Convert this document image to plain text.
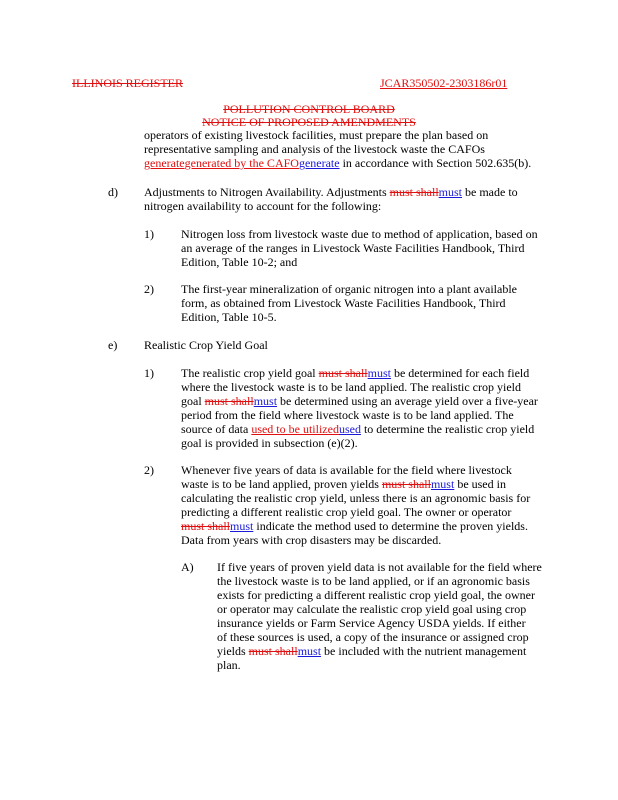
ILLINOIS REGISTER	JCAR350502-2303186r01
POLLUTION CONTROL BOARD
NOTICE OF PROPOSED AMENDMENTS
operators of existing livestock facilities, must prepare the plan based on
representative sampling and analysis of the livestock waste the CAFOs
generategenerated by the CAFOgenerate in accordance with Section 502.635(b).
d) Adjustments to Nitrogen Availability. Adjustments must shallmust be made to
nitrogen availability to account for the following:
1) Nitrogen loss from livestock waste due to method of application, based on
an average of the ranges in Livestock Waste Facilities Handbook, Third
Edition, Table 10-2; and
2) The first-year mineralization of organic nitrogen into a plant available
form, as obtained from Livestock Waste Facilities Handbook, Third
Edition, Table 10-5.
e) Realistic Crop Yield Goal
1) The realistic crop yield goal must shallmust be determined for each field
where the livestock waste is to be land applied. The realistic crop yield
goal must shallmust be determined using an average yield over a five-year
period from the field where livestock waste is to be land applied. The
source of data used to be utilizedused to determine the realistic crop yield
goal is provided in subsection (e)(2).
2) Whenever five years of data is available for the field where livestock
waste is to be land applied, proven yields must shallmust be used in
calculating the realistic crop yield, unless there is an agronomic basis for
predicting a different realistic crop yield goal. The owner or operator
must shallmust indicate the method used to determine the proven yields.
Data from years with crop disasters may be discarded.
A) If five years of proven yield data is not available for the field where
the livestock waste is to be land applied, or if an agronomic basis
exists for predicting a different realistic crop yield goal, the owner
or operator may calculate the realistic crop yield goal using crop
insurance yields or Farm Service Agency USDA yields. If either
of these sources is used, a copy of the insurance or assigned crop
yields must shallmust be included with the nutrient management
plan.
